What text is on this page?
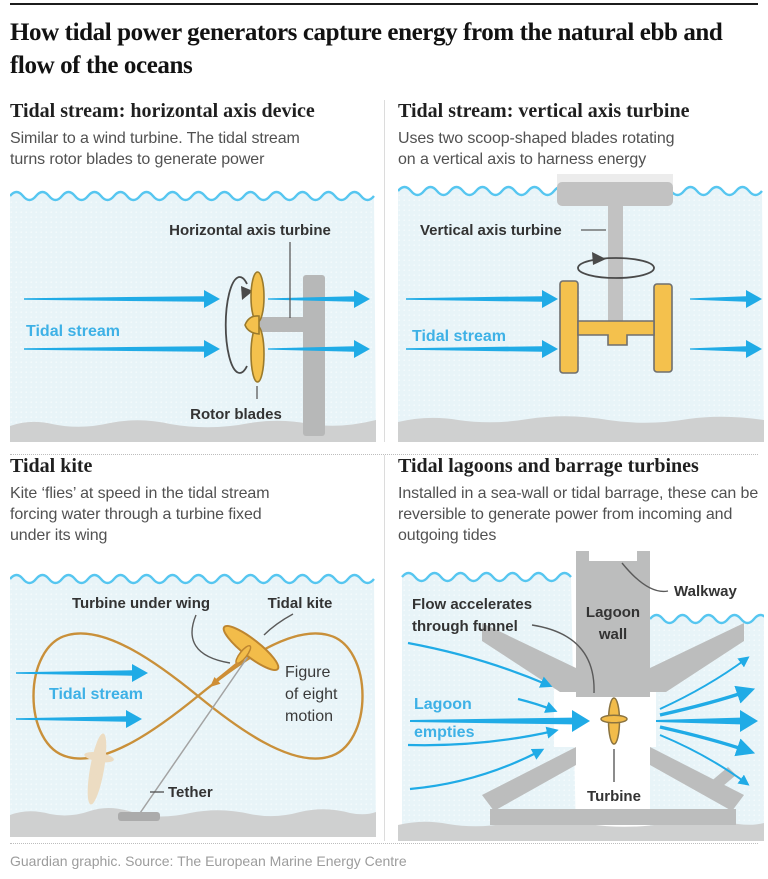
How tidal power generators capture energy from the natural ebb and flow of the oceans
Tidal stream: horizontal axis device

Similar to a wind turbine. The tidal stream turns rotor blades to generate power

Horizontal axis turbine
Tidal stream
Rotor blades
Tidal stream: vertical axis turbine

Uses two scoop-shaped blades rotating on a vertical axis to harness energy

Vertical axis turbine
Tidal stream
Tidal kite

Kite ‘flies’ at speed in the tidal stream forcing water through a turbine fixed under its wing

Turbine under wing	Tidal kite
Tidal stream
Figure
of eight
motion
Tether
Tidal lagoons and barrage turbines

Installed in a sea-wall or tidal barrage, these can be reversible to generate power from incoming and outgoing tides

Flow accelerates
through funnel
Lagoon
wall
Walkway
Lagoon
empties
Turbine

Guardian graphic. Source: The European Marine Energy Centre
